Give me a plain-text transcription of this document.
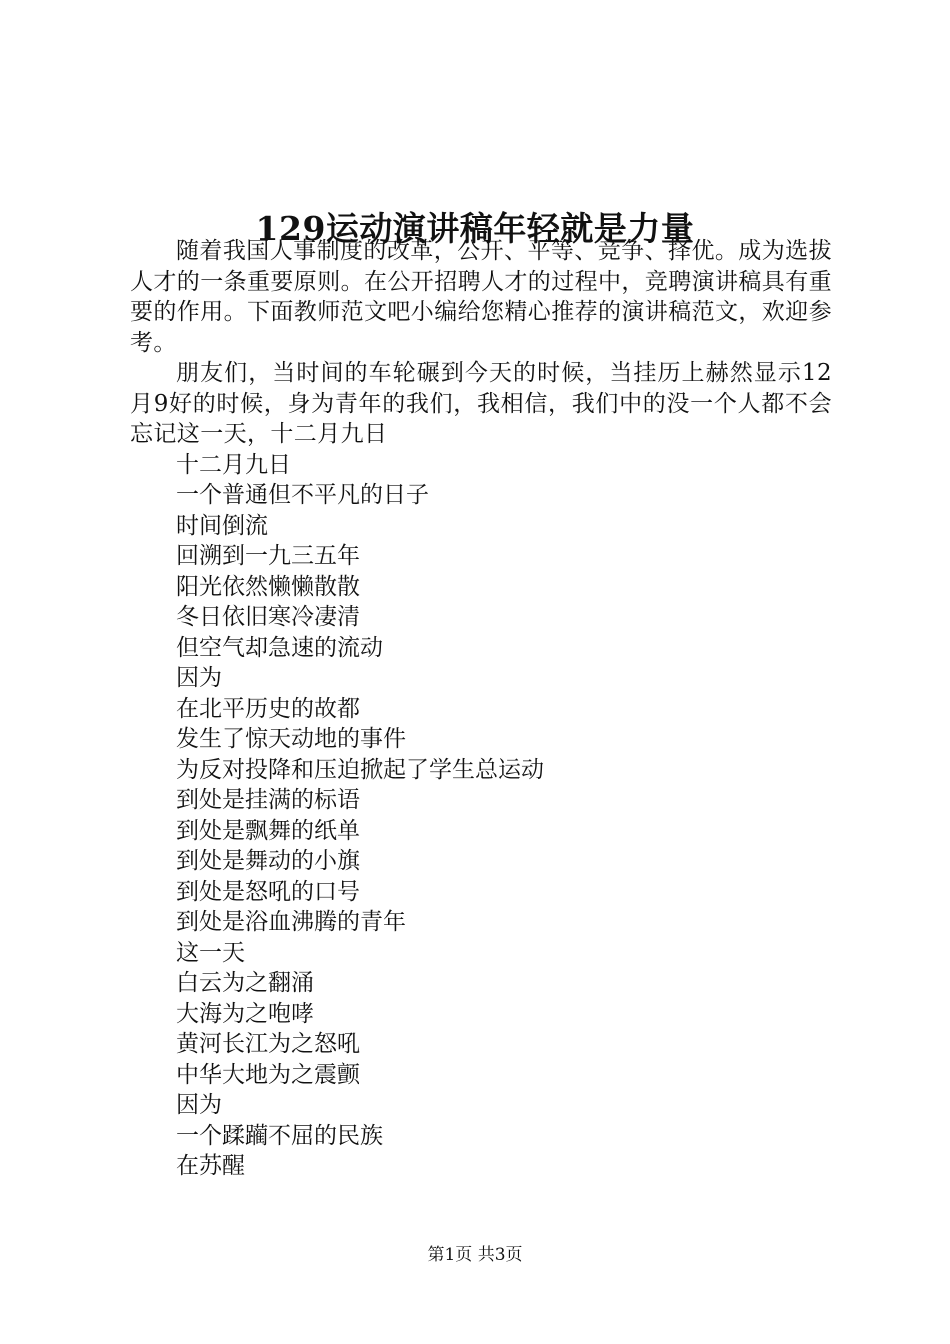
129运动演讲稿年轻就是力量

随着我国人事制度的改革，公开、平等、竞争、择优。成为选拔人才的一条重要原则。在公开招聘人才的过程中，竞聘演讲稿具有重要的作用。下面教师范文吧小编给您精心推荐的演讲稿范文，欢迎参考。

朋友们，当时间的车轮碾到今天的时候，当挂历上赫然显示12月9好的时候，身为青年的我们，我相信，我们中的没一个人都不会忘记这一天，十二月九日

十二月九日
一个普通但不平凡的日子
时间倒流
回溯到一九三五年
阳光依然懒懒散散
冬日依旧寒冷凄清
但空气却急速的流动
因为
在北平历史的故都
发生了惊天动地的事件
为反对投降和压迫掀起了学生总运动
到处是挂满的标语
到处是飘舞的纸单
到处是舞动的小旗
到处是怒吼的口号
到处是浴血沸腾的青年
这一天
白云为之翻涌
大海为之咆哮
黄河长江为之怒吼
中华大地为之震颤
因为
一个蹂躏不屈的民族
在苏醒
第1页 共3页
